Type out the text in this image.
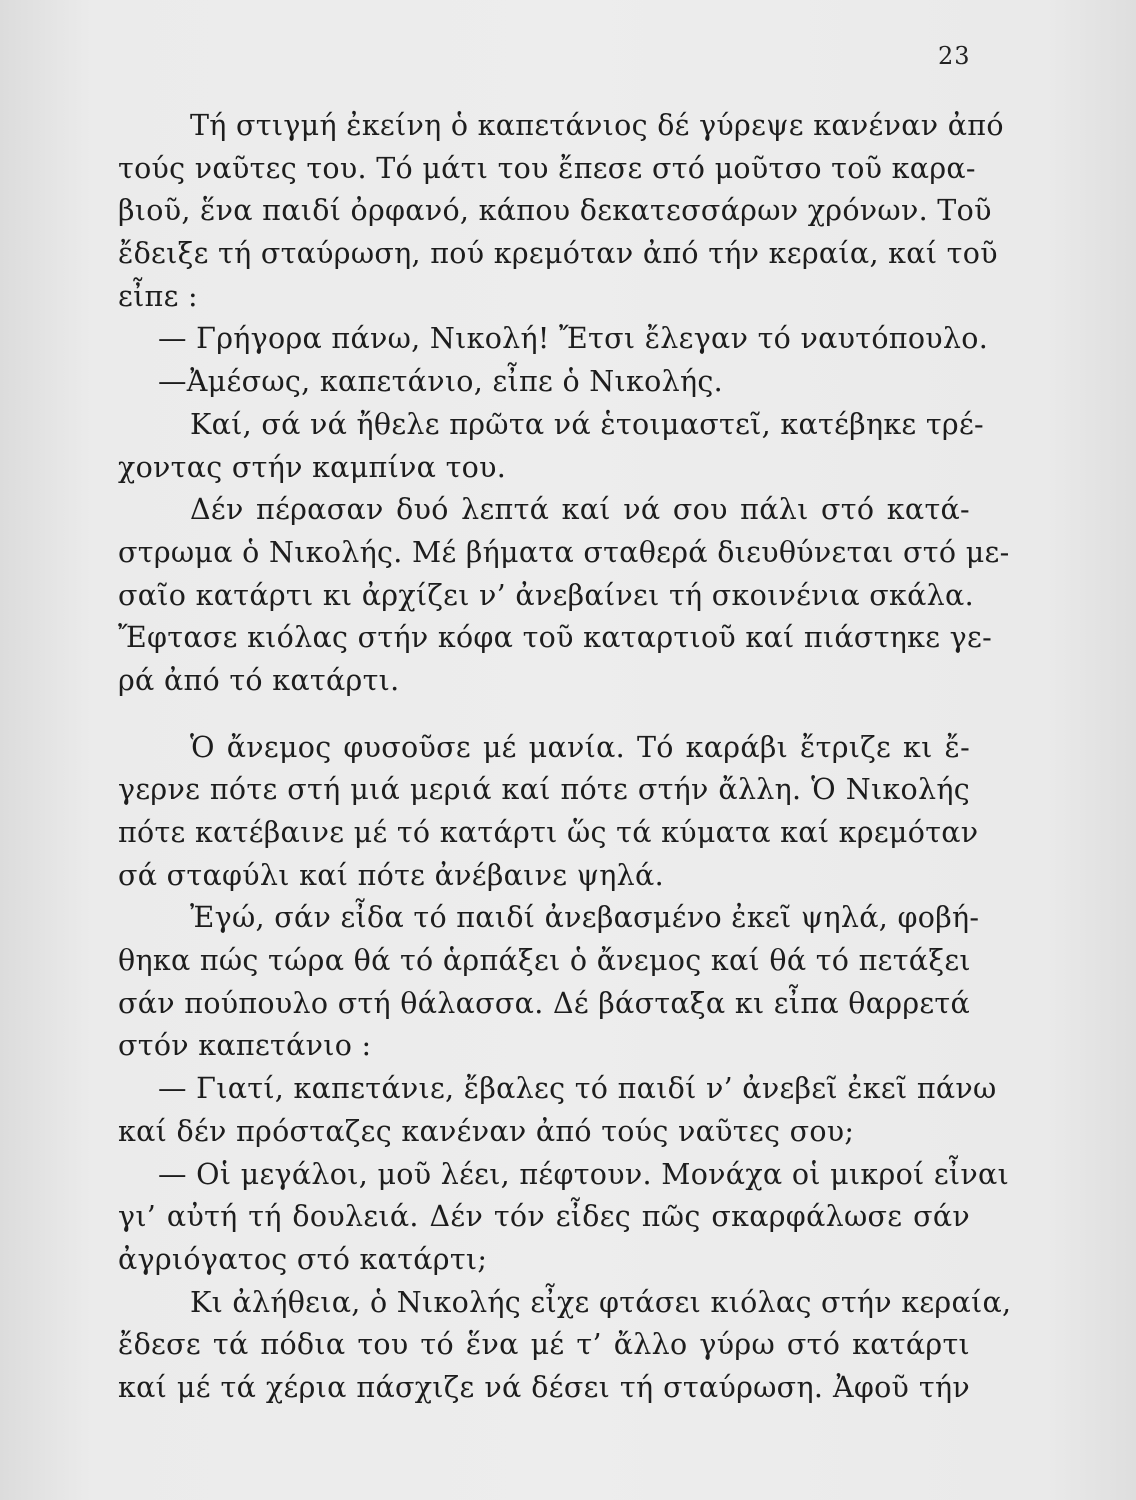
23
Τή στιγμή ἐκείνη ὁ καπετάνιος δέ γύρεψε κανέναν ἀπό
τούς ναῦτες του. Τό μάτι του ἔπεσε στό μοῦτσο τοῦ καρα-
βιοῦ, ἕνα παιδί ὀρφανό, κάπου δεκατεσσάρων χρόνων. Τοῦ
ἔδειξε τή σταύρωση, πού κρεμόταν ἀπό τήν κεραία, καί τοῦ
εἶπε :
— Γρήγορα πάνω, Νικολή! Ἔτσι ἔλεγαν τό ναυτόπουλο.
—Ἀμέσως, καπετάνιο, εἶπε ὁ Νικολής.
Καί, σά νά ἤθελε πρῶτα νά ἑτοιμαστεῖ, κατέβηκε τρέ-
χοντας στήν καμπίνα του.
Δέν πέρασαν δυό λεπτά καί νά σου πάλι στό κατά-
στρωμα ὁ Νικολής. Μέ βήματα σταθερά διευθύνεται στό με-
σαῖο κατάρτι κι ἀρχίζει ν’ ἀνεβαίνει τή σκοινένια σκάλα.
Ἔφτασε κιόλας στήν κόφα τοῦ καταρτιοῦ καί πιάστηκε γε-
ρά ἀπό τό κατάρτι.
Ὁ ἄνεμος φυσοῦσε μέ μανία. Τό καράβι ἔτριζε κι ἔ-
γερνε πότε στή μιά μεριά καί πότε στήν ἄλλη. Ὁ Νικολής
πότε κατέβαινε μέ τό κατάρτι ὥς τά κύματα καί κρεμόταν
σά σταφύλι καί πότε ἀνέβαινε ψηλά.
Ἐγώ, σάν εἶδα τό παιδί ἀνεβασμένο ἐκεῖ ψηλά, φοβή-
θηκα πώς τώρα θά τό ἁρπάξει ὁ ἄνεμος καί θά τό πετάξει
σάν πούπουλο στή θάλασσα. Δέ βάσταξα κι εἶπα θαρρετά
στόν καπετάνιο :
— Γιατί, καπετάνιε, ἔβαλες τό παιδί ν’ ἀνεβεῖ ἐκεῖ πάνω
καί δέν πρόσταζες κανέναν ἀπό τούς ναῦτες σου;
— Οἱ μεγάλοι, μοῦ λέει, πέφτουν. Μονάχα οἱ μικροί εἶναι
γι’ αὐτή τή δουλειά. Δέν τόν εἶδες πῶς σκαρφάλωσε σάν
ἀγριόγατος στό κατάρτι;
Κι ἀλήθεια, ὁ Νικολής εἶχε φτάσει κιόλας στήν κεραία,
ἔδεσε τά πόδια του τό ἕνα μέ τ’ ἄλλο γύρω στό κατάρτι
καί μέ τά χέρια πάσχιζε νά δέσει τή σταύρωση. Ἀφοῦ τήν
